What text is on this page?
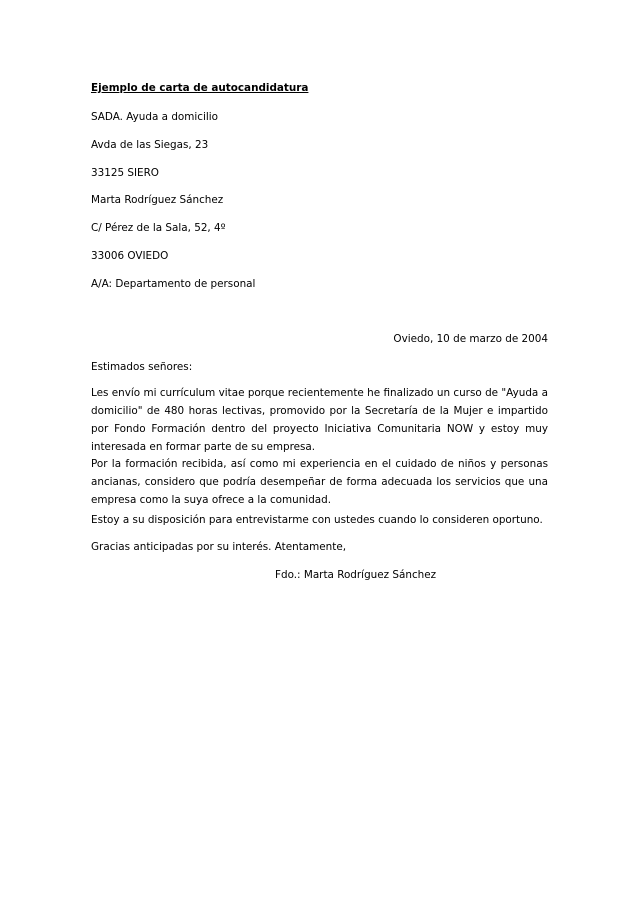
Ejemplo de carta de autocandidatura
SADA. Ayuda a domicilio
Avda de las Siegas, 23
33125 SIERO
Marta Rodríguez Sánchez
C/ Pérez de la Sala, 52, 4º
33006 OVIEDO
A/A: Departamento de personal
Oviedo, 10 de marzo de 2004
Estimados señores:
Les envío mi currículum vitae porque recientemente he finalizado un curso de "Ayuda a domicilio" de 480 horas lectivas, promovido por la Secretaría de la Mujer e impartido por Fondo Formación dentro del proyecto Iniciativa Comunitaria NOW y estoy muy interesada en formar parte de su empresa.
Por la formación recibida, así como mi experiencia en el cuidado de niños y personas ancianas, considero que podría desempeñar de forma adecuada los servicios que una empresa como la suya ofrece a la comunidad.
Estoy a su disposición para entrevistarme con ustedes cuando lo consideren oportuno.
Gracias anticipadas por su interés. Atentamente,
Fdo.: Marta Rodríguez Sánchez
